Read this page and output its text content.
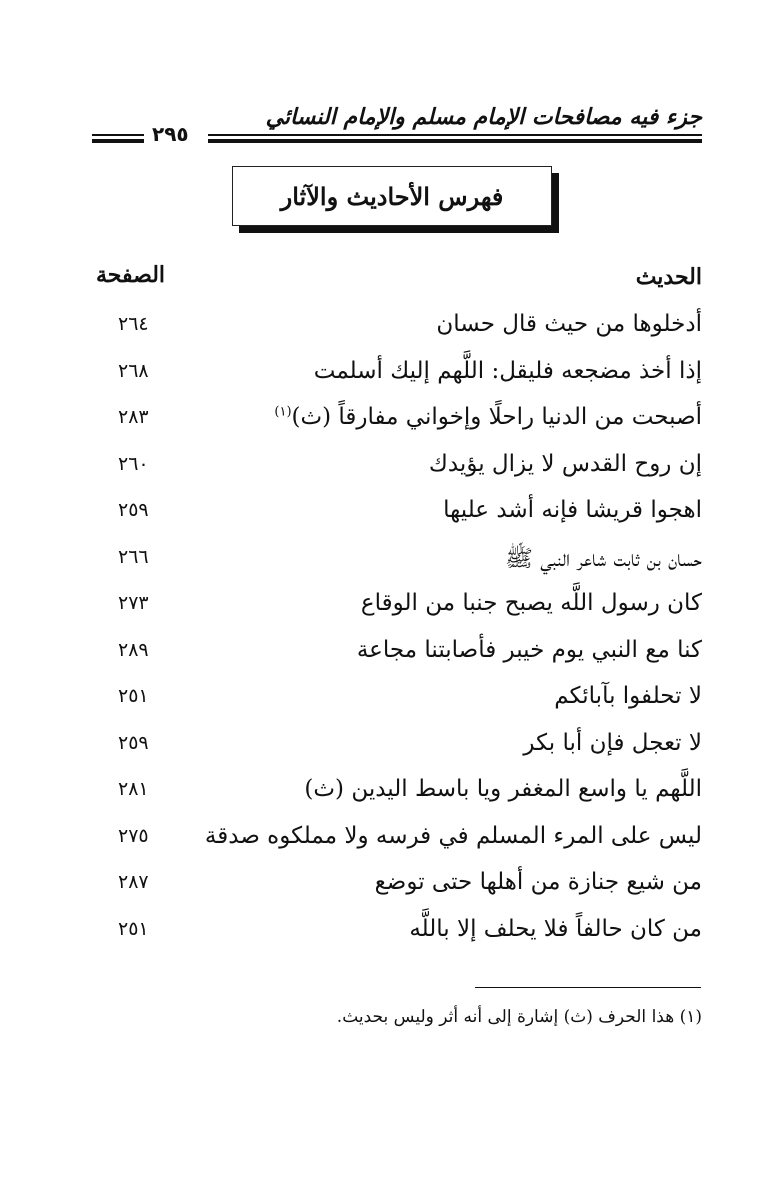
جزء فيه مصافحات الإمام مسلم والإمام النسائي
٢٩٥
فهرس الأحاديث والآثار
الحديث
الصفحة
أدخلوها من حيث قال حسان
٢٦٤
إذا أخذ مضجعه فليقل: اللَّهم إليك أسلمت
٢٦٨
أصبحت من الدنيا راحلًا وإخواني مفارقاً (ث)$^{(١)}$
٢٨٣
إن روح القدس لا يزال يؤيدك
٢٦٠
اهجوا قريشا فإنه أشد عليها
٢٥٩
حسان بن ثابت شاعر النبي ﷺ
٢٦٦
كان رسول اللَّه يصبح جنبا من الوقاع
٢٧٣
كنا مع النبي يوم خيبر فأصابتنا مجاعة
٢٨٩
لا تحلفوا بآبائكم
٢٥١
لا تعجل فإن أبا بكر
٢٥٩
اللَّهم يا واسع المغفر ويا باسط اليدين (ث)
٢٨١
ليس على المرء المسلم في فرسه ولا مملكوه صدقة
٢٧٥
من شيع جنازة من أهلها حتى توضع
٢٨٧
من كان حالفاً فلا يحلف إلا باللَّه
٢٥١
(١) هذا الحرف (ث) إشارة إلى أنه أثر وليس بحديث.
